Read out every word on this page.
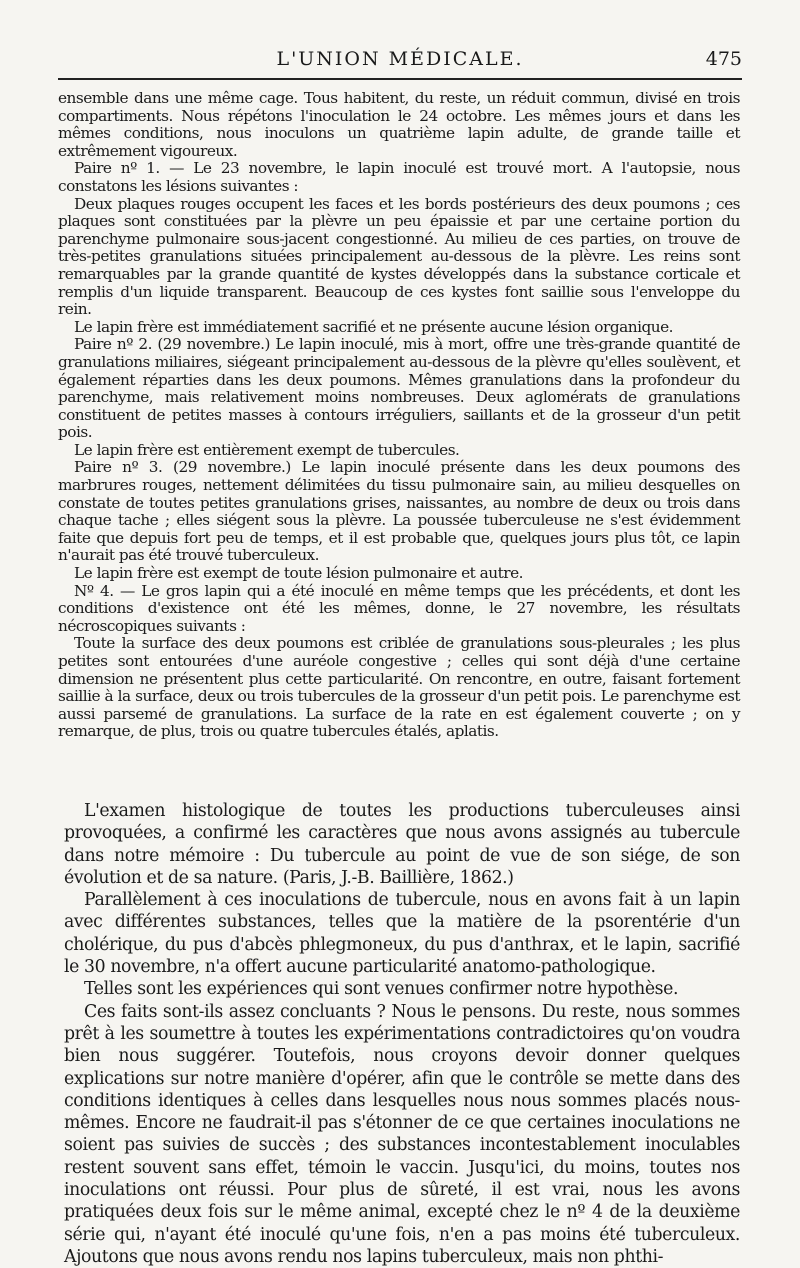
L'UNION MÉDICALE.	475

ensemble dans une même cage. Tous habitent, du reste, un réduit commun, divisé en trois compartiments. Nous répétons l'inoculation le 24 octobre. Les mêmes jours et dans les mêmes conditions, nous inoculons un quatrième lapin adulte, de grande taille et extrêmement vigoureux.

Paire nº 1. — Le 23 novembre, le lapin inoculé est trouvé mort. A l'autopsie, nous constatons les lésions suivantes :

Deux plaques rouges occupent les faces et les bords postérieurs des deux poumons ; ces plaques sont constituées par la plèvre un peu épaissie et par une certaine portion du parenchyme pulmonaire sous-jacent congestionné. Au milieu de ces parties, on trouve de très-petites granulations situées principalement au-dessous de la plèvre. Les reins sont remarquables par la grande quantité de kystes développés dans la substance corticale et remplis d'un liquide transparent. Beaucoup de ces kystes font saillie sous l'enveloppe du rein.

Le lapin frère est immédiatement sacrifié et ne présente aucune lésion organique.

Paire nº 2. (29 novembre.) Le lapin inoculé, mis à mort, offre une très-grande quantité de granulations miliaires, siégeant principalement au-dessous de la plèvre qu'elles soulèvent, et également réparties dans les deux poumons. Mêmes granulations dans la profondeur du parenchyme, mais relativement moins nombreuses. Deux aglomérats de granulations constituent de petites masses à contours irréguliers, saillants et de la grosseur d'un petit pois.

Le lapin frère est entièrement exempt de tubercules.

Paire nº 3. (29 novembre.) Le lapin inoculé présente dans les deux poumons des marbrures rouges, nettement délimitées du tissu pulmonaire sain, au milieu desquelles on constate de toutes petites granulations grises, naissantes, au nombre de deux ou trois dans chaque tache ; elles siégent sous la plèvre. La poussée tuberculeuse ne s'est évidemment faite que depuis fort peu de temps, et il est probable que, quelques jours plus tôt, ce lapin n'aurait pas été trouvé tuberculeux.

Le lapin frère est exempt de toute lésion pulmonaire et autre.

Nº 4. — Le gros lapin qui a été inoculé en même temps que les précédents, et dont les conditions d'existence ont été les mêmes, donne, le 27 novembre, les résultats nécroscopiques suivants :

Toute la surface des deux poumons est criblée de granulations sous-pleurales ; les plus petites sont entourées d'une auréole congestive ; celles qui sont déjà d'une certaine dimension ne présentent plus cette particularité. On rencontre, en outre, faisant fortement saillie à la surface, deux ou trois tubercules de la grosseur d'un petit pois. Le parenchyme est aussi parsemé de granulations. La surface de la rate en est également couverte ; on y remarque, de plus, trois ou quatre tubercules étalés, aplatis.

L'examen histologique de toutes les productions tuberculeuses ainsi provoquées, a confirmé les caractères que nous avons assignés au tubercule dans notre mémoire : Du tubercule au point de vue de son siége, de son évolution et de sa nature. (Paris, J.-B. Baillière, 1862.)

Parallèlement à ces inoculations de tubercule, nous en avons fait à un lapin avec différentes substances, telles que la matière de la psorentérie d'un cholérique, du pus d'abcès phlegmoneux, du pus d'anthrax, et le lapin, sacrifié le 30 novembre, n'a offert aucune particularité anatomo-pathologique.

Telles sont les expériences qui sont venues confirmer notre hypothèse.

Ces faits sont-ils assez concluants ? Nous le pensons. Du reste, nous sommes prêt à les soumettre à toutes les expérimentations contradictoires qu'on voudra bien nous suggérer. Toutefois, nous croyons devoir donner quelques explications sur notre manière d'opérer, afin que le contrôle se mette dans des conditions identiques à celles dans lesquelles nous nous sommes placés nous-mêmes. Encore ne faudrait-il pas s'étonner de ce que certaines inoculations ne soient pas suivies de succès ; des substances incontestablement inoculables restent souvent sans effet, témoin le vaccin. Jusqu'ici, du moins, toutes nos inoculations ont réussi. Pour plus de sûreté, il est vrai, nous les avons pratiquées deux fois sur le même animal, excepté chez le nº 4 de la deuxième série qui, n'ayant été inoculé qu'une fois, n'en a pas moins été tuberculeux. Ajoutons que nous avons rendu nos lapins tuberculeux, mais non phthi-
